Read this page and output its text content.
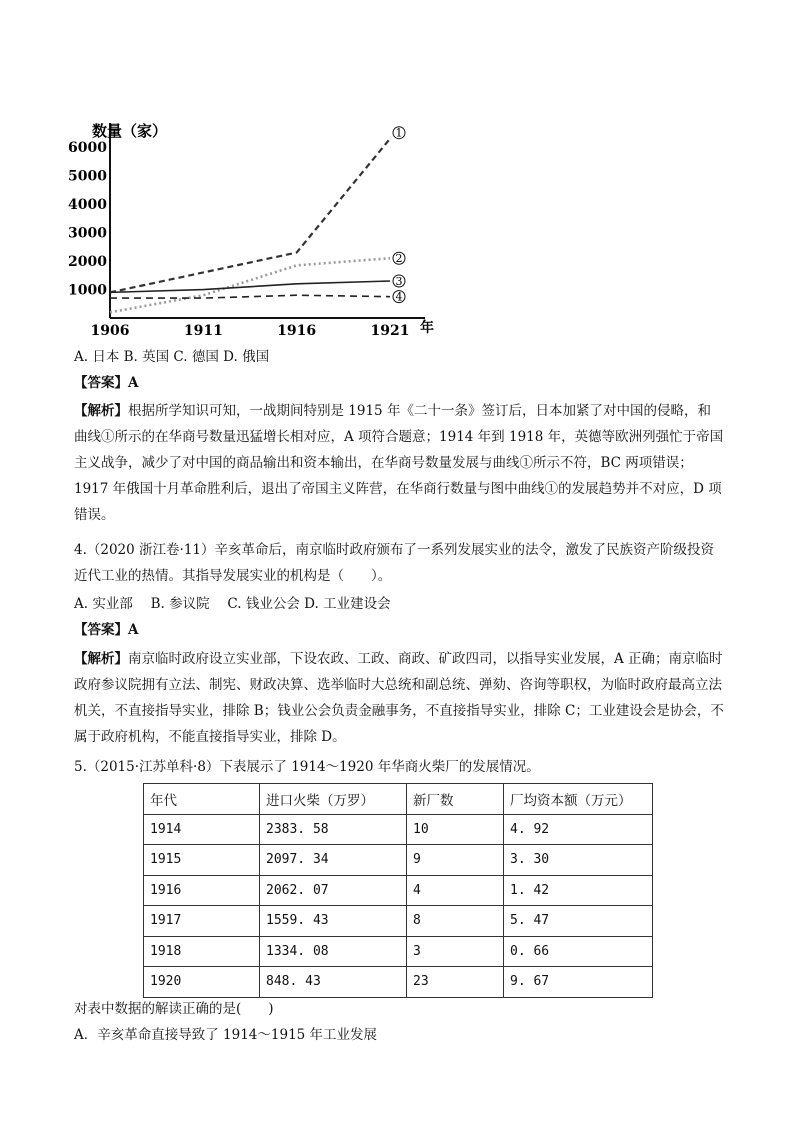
数量（家）
1000
2000
3000
4000
5000
6000
1906	1911	1916	1921 年
1
2
3
4
A. 日本 B. 英国 C. 德国 D. 俄国
【答案】A

【解析】根据所学知识可知，一战期间特别是 1915 年《二十一条》签订后，日本加紧了对中国的侵略，和曲线①所示的在华商号数量迅猛增长相对应，A 项符合题意；1914 年到 1918 年，英德等欧洲列强忙于帝国主义战争，减少了对中国的商品输出和资本输出，在华商号数量发展与曲线①所示不符，BC 两项错误；1917 年俄国十月革命胜利后，退出了帝国主义阵营，在华商行数量与图中曲线①的发展趋势并不对应，D 项错误。

4.（2020 浙江卷·11）辛亥革命后，南京临时政府颁布了一系列发展实业的法令，激发了民族资产阶级投资近代工业的热情。其指导发展实业的机构是（　　）。
A. 实业部　 B. 参议院　 C. 钱业公会 D. 工业建设会
【答案】A

【解析】南京临时政府设立实业部，下设农政、工政、商政、矿政四司，以指导实业发展，A 正确；南京临时政府参议院拥有立法、制宪、财政决算、选举临时大总统和副总统、弹劾、咨询等职权，为临时政府最高立法机关，不直接指导实业，排除 B；钱业公会负责金融事务，不直接指导实业，排除 C；工业建设会是协会，不属于政府机构，不能直接指导实业，排除 D。

5.（2015·江苏单科·8）下表展示了 1914～1920 年华商火柴厂的发展情况。
年代	进口火柴（万罗）	新厂数	厂均资本额（万元）
1914	2383. 58	10	4. 92
1915	2097. 34	9	3. 30
1916	2062. 07	4	1. 42
1917	1559. 43	8	5. 47
1918	1334. 08	3	0. 66
1920	848. 43	23	9. 67
对表中数据的解读正确的是(　　)
A．辛亥革命直接导致了 1914～1915 年工业发展
